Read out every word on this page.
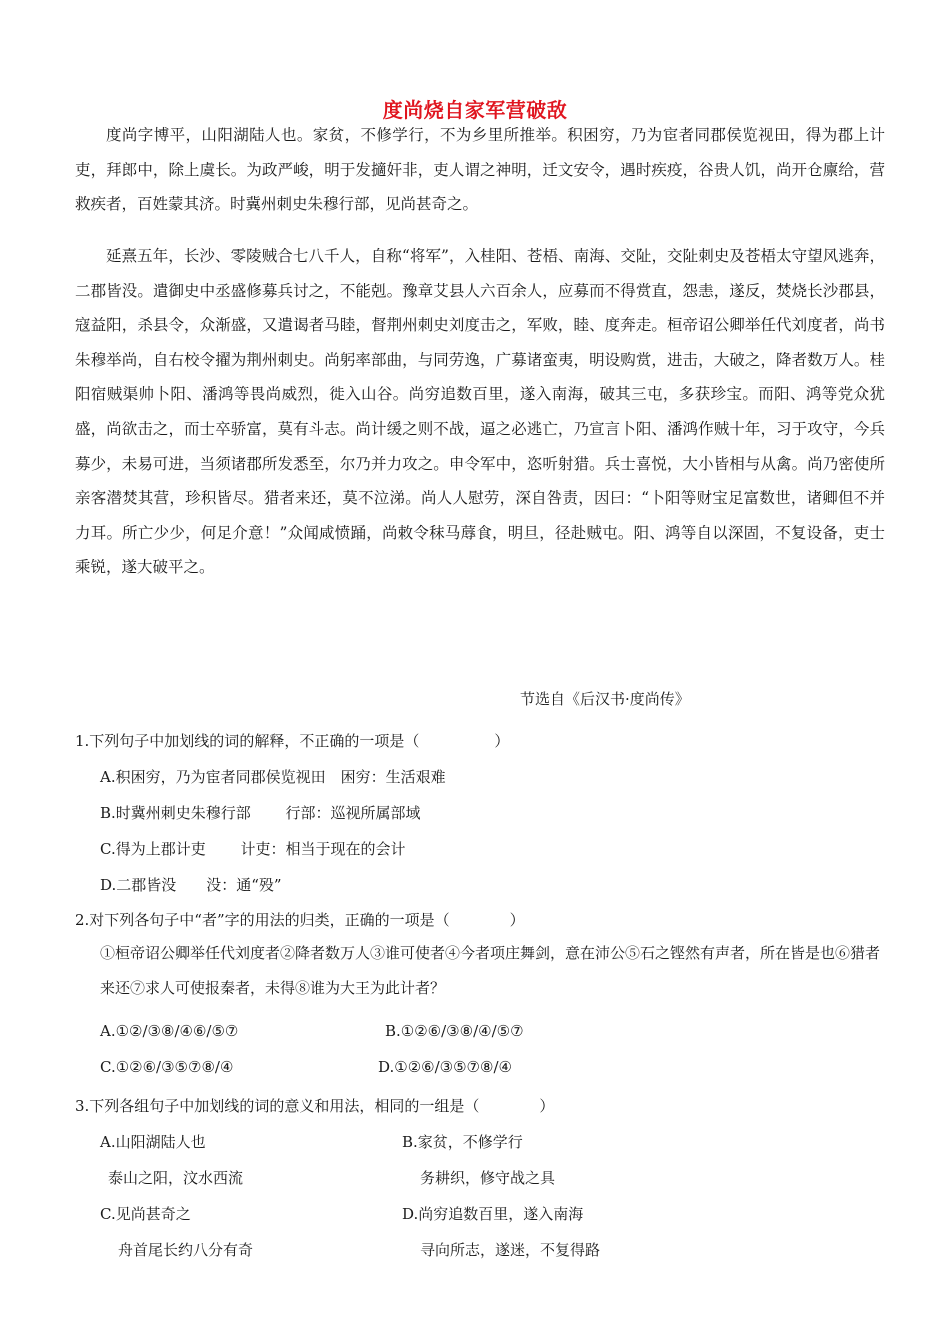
度尚烧自家军营破敌

度尚字博平，山阳湖陆人也。家贫，不修学行，不为乡里所推举。积困穷，乃为宦者同郡侯览视田，得为郡上计吏，拜郎中，除上虞长。为政严峻，明于发擿奸非，吏人谓之神明，迁文安令，遇时疾疫，谷贵人饥，尚开仓廪给，营救疾者，百姓蒙其济。时冀州刺史朱穆行部，见尚甚奇之。

延熹五年，长沙、零陵贼合七八千人，自称“将军”，入桂阳、苍梧、南海、交阯，交阯刺史及苍梧太守望风逃奔，二郡皆没。遣御史中丞盛修募兵讨之，不能剋。豫章艾县人六百余人，应募而不得赏直，怨恚，遂反，焚烧长沙郡县，寇益阳，杀县令，众渐盛，又遣谒者马睦，督荆州刺史刘度击之，军败，睦、度奔走。桓帝诏公卿举任代刘度者，尚书朱穆举尚，自右校令擢为荆州刺史。尚躬率部曲，与同劳逸，广募诸蛮夷，明设购赏，进击，大破之，降者数万人。桂阳宿贼渠帅卜阳、潘鸿等畏尚威烈，徙入山谷。尚穷追数百里，遂入南海，破其三屯，多获珍宝。而阳、鸿等党众犹盛，尚欲击之，而士卒骄富，莫有斗志。尚计缓之则不战，逼之必逃亡，乃宣言卜阳、潘鸿作贼十年，习于攻守，今兵募少，未易可进，当须诸郡所发悉至，尔乃并力攻之。申令军中，恣听射猎。兵士喜悦，大小皆相与从禽。尚乃密使所亲客潜焚其营，珍积皆尽。猎者来还，莫不泣涕。尚人人慰劳，深自咎责，因曰：“卜阳等财宝足富数世，诸卿但不并力耳。所亡少少，何足介意！”众闻咸愤踊，尚敕令秣马蓐食，明旦，径赴贼屯。阳、鸿等自以深固，不复设备，吏士乘锐，遂大破平之。

节选自《后汉书·度尚传》
1.下列句子中加划线的词的解释，不正确的一项是（　　　　　）
A.积困穷，乃为宦者同郡侯览视田　困穷：生活艰难
B.时冀州刺史朱穆行部　　 行部：巡视所属部域
C.得为上郡计吏　　 计吏：相当于现在的会计
D.二郡皆没　　没：通“殁”
2.对下列各句子中“者”字的用法的归类，正确的一项是（　　　　）

①桓帝诏公卿举任代刘度者②降者数万人③谁可使者④今者项庄舞剑，意在沛公⑤石之铿然有声者，所在皆是也⑥猎者来还⑦求人可使报秦者，未得⑧谁为大王为此计者？

A.①②/③⑧/④⑥/⑤⑦	B.①②⑥/③⑧/④/⑤⑦
C.①②⑥/③⑤⑦⑧/④	D.①②⑥/③⑤⑦⑧/④
3.下列各组句子中加划线的词的意义和用法，相同的一组是（　　　　）
A.山阳湖陆人也	B.家贫，不修学行
泰山之阳，汶水西流	务耕织，修守战之具
C.见尚甚奇之	D.尚穷追数百里，遂入南海
舟首尾长约八分有奇	寻向所志，遂迷，不复得路
